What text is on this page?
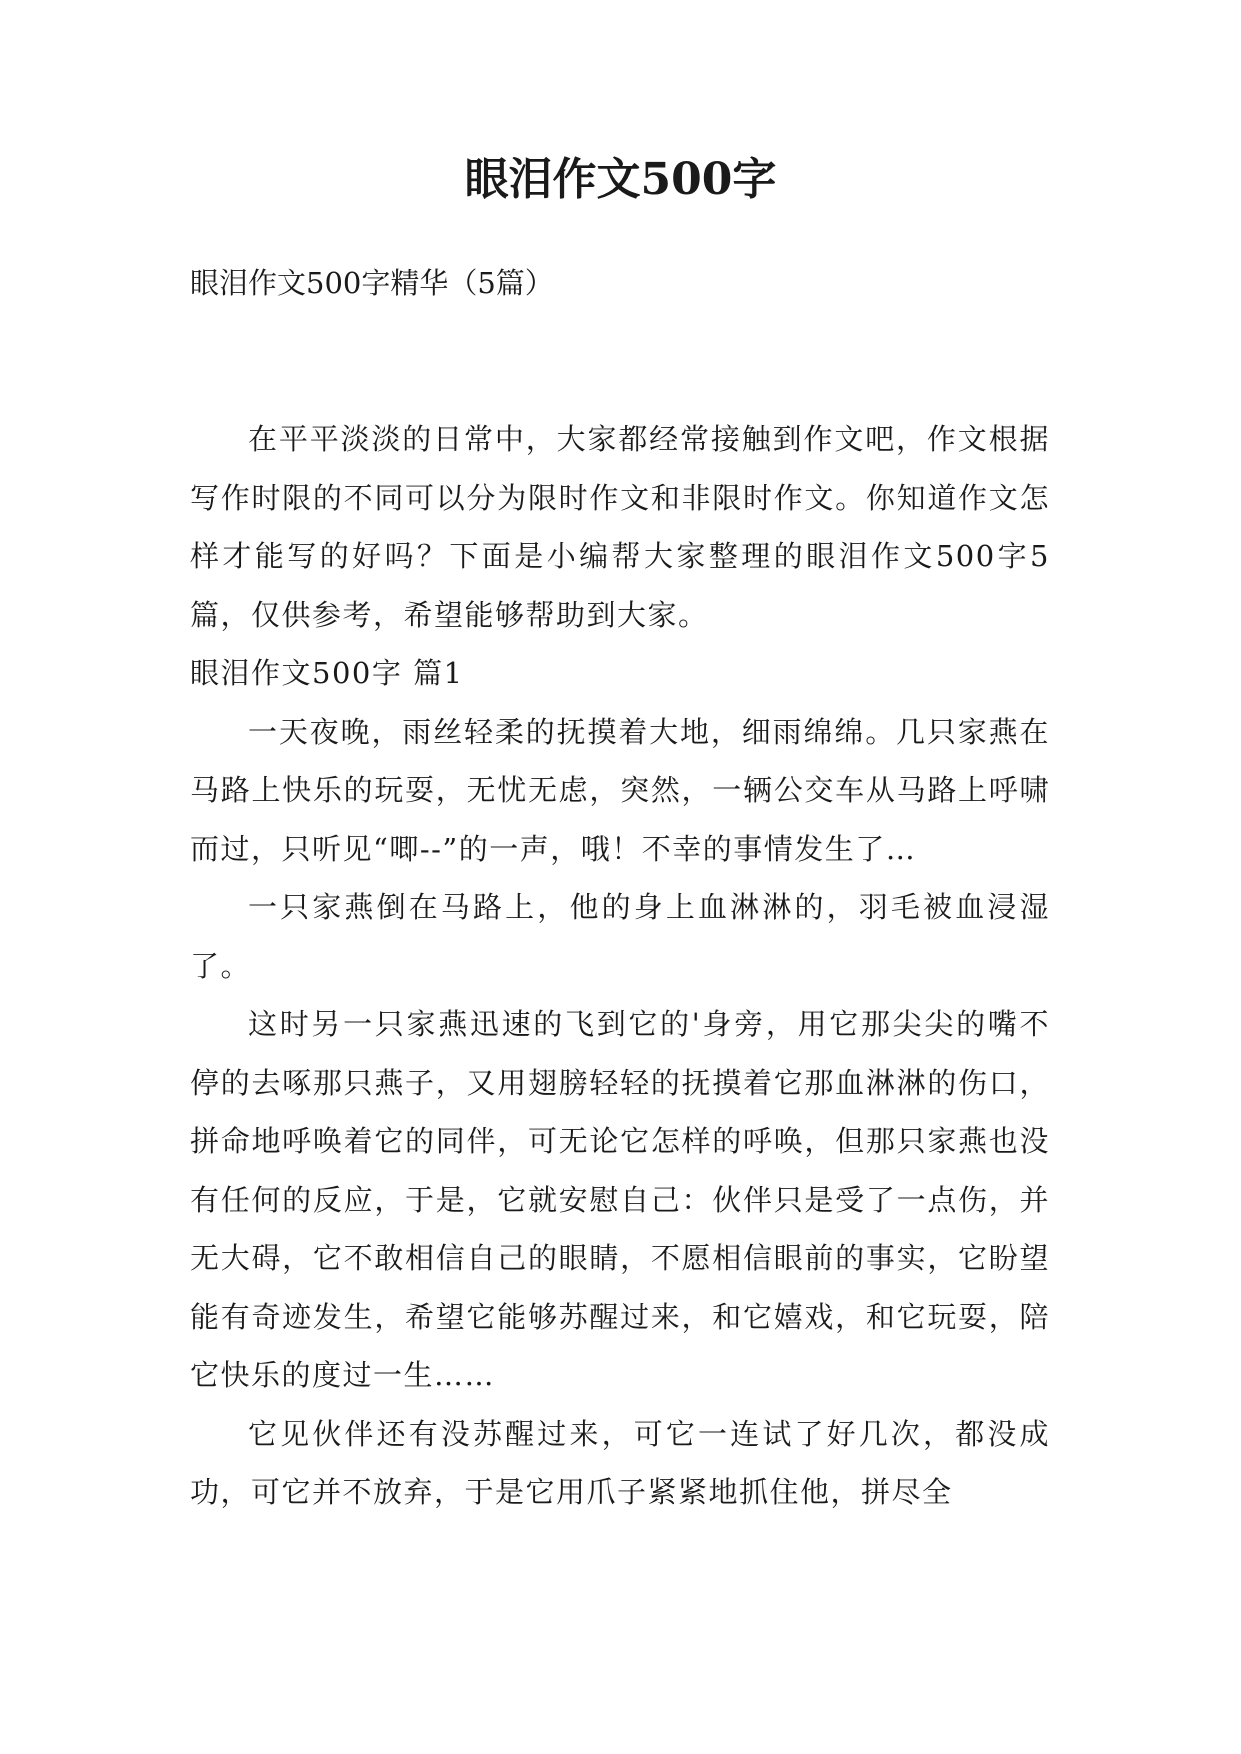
眼泪作文500字
眼泪作文500字精华（5篇）

在平平淡淡的日常中，大家都经常接触到作文吧，作文根据写作时限的不同可以分为限时作文和非限时作文。你知道作文怎样才能写的好吗？下面是小编帮大家整理的眼泪作文500字5篇，仅供参考，希望能够帮助到大家。

眼泪作文500字 篇1

一天夜晚，雨丝轻柔的抚摸着大地，细雨绵绵。几只家燕在马路上快乐的玩耍，无忧无虑，突然，一辆公交车从马路上呼啸而过，只听见“唧--”的一声，哦！不幸的事情发生了…

一只家燕倒在马路上，他的身上血淋淋的，羽毛被血浸湿了。

这时另一只家燕迅速的飞到它的'身旁，用它那尖尖的嘴不停的去啄那只燕子，又用翅膀轻轻的抚摸着它那血淋淋的伤口，拼命地呼唤着它的同伴，可无论它怎样的呼唤，但那只家燕也没有任何的反应，于是，它就安慰自己：伙伴只是受了一点伤，并无大碍，它不敢相信自己的眼睛，不愿相信眼前的事实，它盼望能有奇迹发生，希望它能够苏醒过来，和它嬉戏，和它玩耍，陪它快乐的度过一生……

它见伙伴还有没苏醒过来，可它一连试了好几次，都没成功，可它并不放弃，于是它用爪子紧紧地抓住他，拼尽全
